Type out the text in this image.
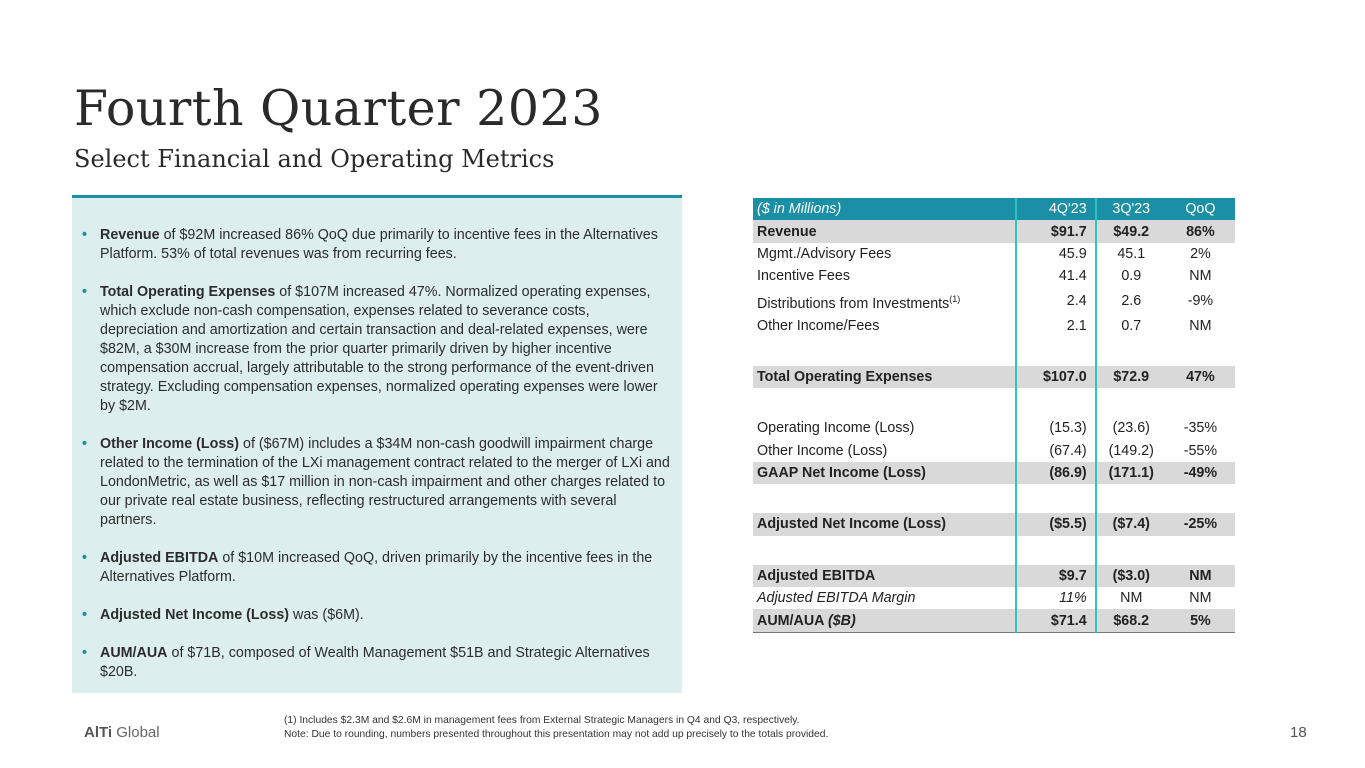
Fourth Quarter 2023
Select Financial and Operating Metrics
• Revenue of $92M increased 86% QoQ due primarily to incentive fees in the Alternatives Platform. 53% of total revenues was from recurring fees.
• Total Operating Expenses of $107M increased 47%. Normalized operating expenses, which exclude non-cash compensation, expenses related to severance costs, depreciation and amortization and certain transaction and deal-related expenses, were $82M, a $30M increase from the prior quarter primarily driven by higher incentive compensation accrual, largely attributable to the strong performance of the event-driven strategy. Excluding compensation expenses, normalized operating expenses were lower by $2M.
• Other Income (Loss) of ($67M) includes a $34M non-cash goodwill impairment charge related to the termination of the LXi management contract related to the merger of LXi and LondonMetric, as well as $17 million in non-cash impairment and other charges related to our private real estate business, reflecting restructured arrangements with several partners.
• Adjusted EBITDA of $10M increased QoQ, driven primarily by the incentive fees in the Alternatives Platform.
• Adjusted Net Income (Loss) was ($6M).
• AUM/AUA of $71B, composed of Wealth Management $51B and Strategic Alternatives $20B.
($ in Millions)	4Q'23	3Q'23	QoQ
Revenue	$91.7	$49.2	86%
Mgmt./Advisory Fees	45.9	45.1	2%
Incentive Fees	41.4	0.9	NM
Distributions from Investments$^{(1)}$	2.4	2.6	-9%
Other Income/Fees	2.1	0.7	NM

Total Operating Expenses	$107.0	$72.9	47%

Operating Income (Loss)	(15.3)	(23.6)	-35%
Other Income (Loss)	(67.4)	(149.2)	-55%
GAAP Net Income (Loss)	(86.9)	(171.1)	-49%

Adjusted Net Income (Loss)	($5.5)	($7.4)	-25%

Adjusted EBITDA	$9.7	($3.0)	NM
Adjusted EBITDA Margin	11%	NM	NM
AUM/AUA ($B)	$71.4	$68.2	5%
AlTi Global
(1) Includes $2.3M and $2.6M in management fees from External Strategic Managers in Q4 and Q3, respectively.
Note: Due to rounding, numbers presented throughout this presentation may not add up precisely to the totals provided.	18
